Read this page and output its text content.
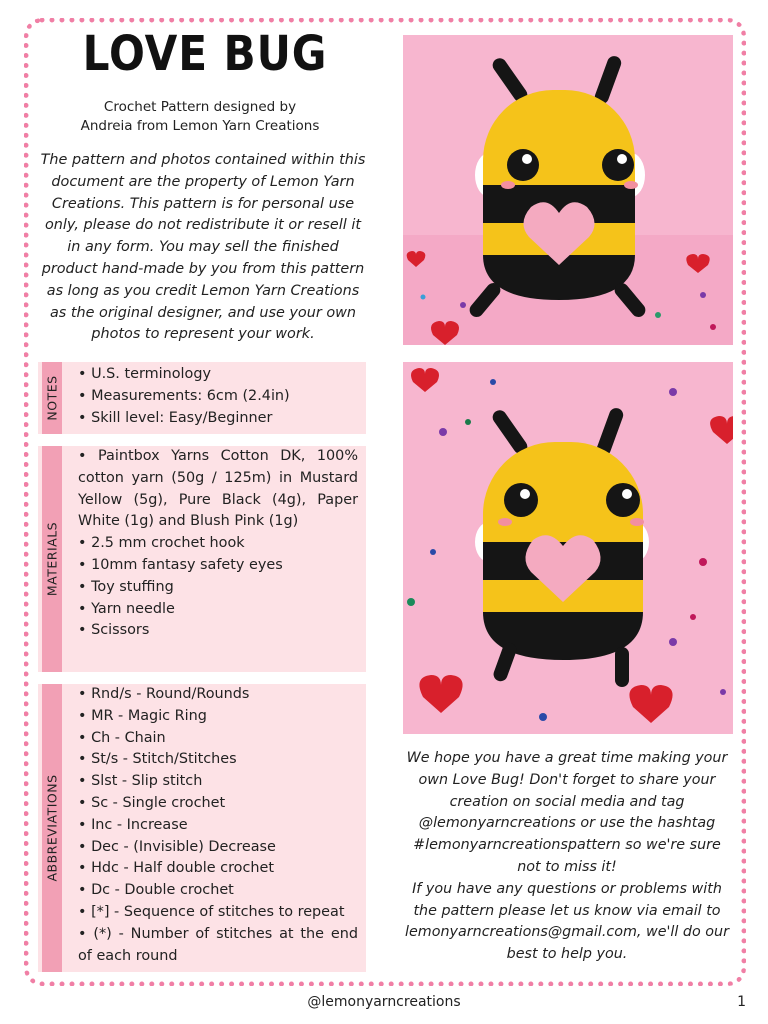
LOVE BUG
Crochet Pattern designed by
Andreia from Lemon Yarn Creations
The pattern and photos contained within this document are the property of Lemon Yarn Creations. This pattern is for personal use only, please do not redistribute it or resell it in any form. You may sell the finished product hand-made by you from this pattern as long as you credit Lemon Yarn Creations as the original designer, and use your own photos to represent your work.
NOTES
• U.S. terminology
• Measurements: 6cm (2.4in)
• Skill level: Easy/Beginner
MATERIALS
• Paintbox Yarns Cotton DK, 100% cotton yarn (50g / 125m) in Mustard Yellow (5g), Pure Black (4g), Paper White (1g) and Blush Pink (1g)
• 2.5 mm crochet hook
• 10mm fantasy safety eyes
• Toy stuffing
• Yarn needle
• Scissors
ABBREVIATIONS
• Rnd/s - Round/Rounds
• MR - Magic Ring
• Ch - Chain
• St/s - Stitch/Stitches
• Slst - Slip stitch
• Sc - Single crochet
• Inc - Increase
• Dec - (Invisible) Decrease
• Hdc - Half double crochet
• Dc - Double crochet
• [*] - Sequence of stitches to repeat
• (*) - Number of stitches at the end of each round

We hope you have a great time making your own Love Bug! Don't forget to share your creation on social media and tag @lemonyarncreations or use the hashtag #lemonyarncreationspattern so we're sure not to miss it!

If you have any questions or problems with the pattern please let us know via email to lemonyarncreations@gmail.com, we'll do our best to help you.

@lemonyarncreations	1
